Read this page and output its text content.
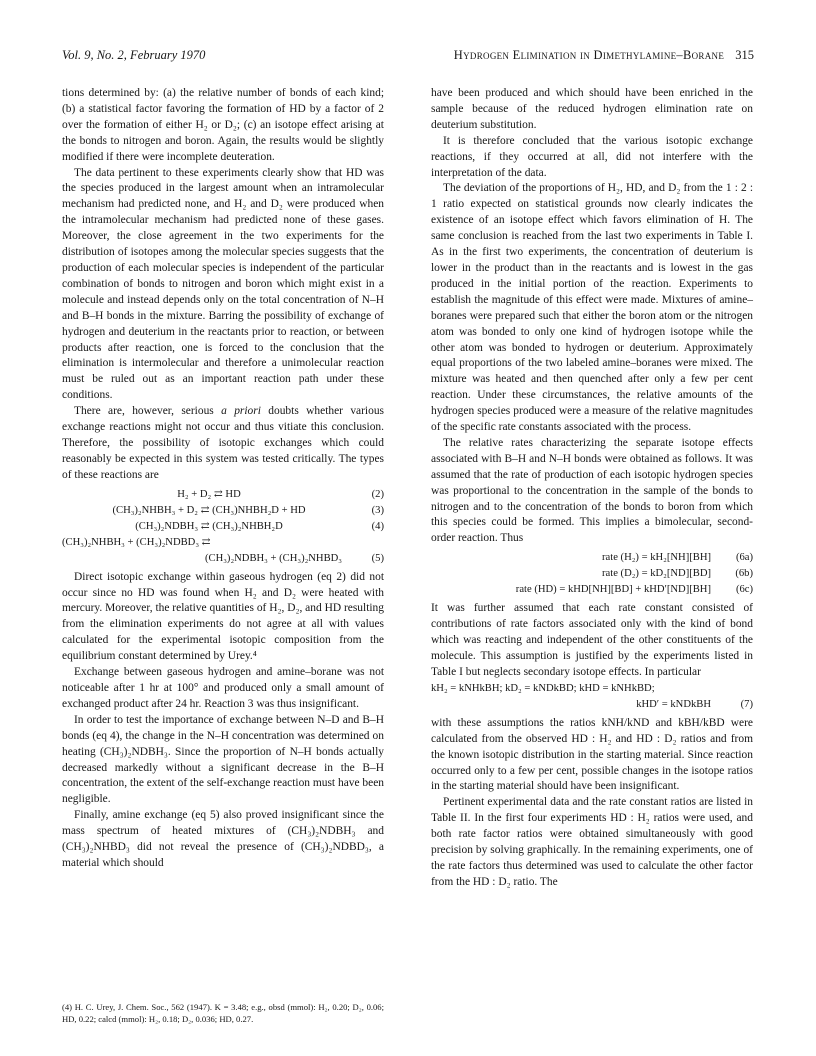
Vol. 9, No. 2, February 1970	Hydrogen Elimination in Dimethylamine–Borane 315

tions determined by: (a) the relative number of bonds of each kind; (b) a statistical factor favoring the formation of HD by a factor of 2 over the formation of either H₂ or D₂; (c) an isotope effect arising at the bonds to nitrogen and boron. Again, the results would be slightly modified if there were incomplete deuteration.

The data pertinent to these experiments clearly show that HD was the species produced in the largest amount when an intramolecular mechanism had predicted none, and H₂ and D₂ were produced when the intramolecular mechanism had predicted none of these gases. Moreover, the close agreement in the two experiments for the distribution of isotopes among the molecular species suggests that the production of each molecular species is independent of the particular combination of bonds to nitrogen and boron which might exist in a molecule and instead depends only on the total concentration of N–H and B–H bonds in the mixture. Barring the possibility of exchange of hydrogen and deuterium in the reactants prior to reaction, or between products after reaction, one is forced to the conclusion that the elimination is intermolecular and therefore a unimolecular reaction must be ruled out as an important reaction path under these conditions.

There are, however, serious a priori doubts whether various exchange reactions might not occur and thus vitiate this conclusion. Therefore, the possibility of isotopic exchanges which could reasonably be expected in this system was tested critically. The types of these reactions are

H₂ + D₂ ⇄ HD	(2)
(CH₃)₂NHBH₃ + D₂ ⇄ (CH₃)NHBH₂D + HD	(3)
(CH₃)₂NDBH₃ ⇄ (CH₃)₂NHBH₂D	(4)
(CH₃)₂NHBH₃ + (CH₃)₂NDBD₃ ⇄
(CH₃)₂NDBH₃ + (CH₃)₂NHBD₃	(5)

Direct isotopic exchange within gaseous hydrogen (eq 2) did not occur since no HD was found when H₂ and D₂ were heated with mercury. Moreover, the relative quantities of H₂, D₂, and HD resulting from the elimination experiments do not agree at all with values calculated for the experimental isotopic composition from the equilibrium constant determined by Urey.⁴

Exchange between gaseous hydrogen and amine–borane was not noticeable after 1 hr at 100° and produced only a small amount of exchanged product after 24 hr. Reaction 3 was thus insignificant.

In order to test the importance of exchange between N–D and B–H bonds (eq 4), the change in the N–H concentration was determined on heating (CH₃)₂NDBH₃. Since the proportion of N–H bonds actually decreased markedly without a significant decrease in the B–H concentration, the extent of the self-exchange reaction must have been negligible.

Finally, amine exchange (eq 5) also proved insignificant since the mass spectrum of heated mixtures of (CH₃)₂NDBH₃ and (CH₃)₂NHBD₃ did not reveal the presence of (CH₃)₂NDBD₃, a material which should

(4) H. C. Urey, J. Chem. Soc., 562 (1947). K = 3.48; e.g., obsd (mmol): H₂, 0.20; D₂, 0.06; HD, 0.22; calcd (mmol): H₂, 0.18; D₂, 0.036; HD, 0.27.

have been produced and which should have been enriched in the sample because of the reduced hydrogen elimination rate on deuterium substitution.

It is therefore concluded that the various isotopic exchange reactions, if they occurred at all, did not interfere with the interpretation of the data.

The deviation of the proportions of H₂, HD, and D₂ from the 1 : 2 : 1 ratio expected on statistical grounds now clearly indicates the existence of an isotope effect which favors elimination of H. The same conclusion is reached from the last two experiments in Table I. As in the first two experiments, the concentration of deuterium is lower in the product than in the reactants and is lowest in the gas produced in the initial portion of the reaction. Experiments to establish the magnitude of this effect were made. Mixtures of amine–boranes were prepared such that either the boron atom or the nitrogen atom was bonded to only one kind of hydrogen isotope while the other atom was bonded to hydrogen or deuterium. Approximately equal proportions of the two labeled amine–boranes were mixed. The mixture was heated and then quenched after only a few per cent reaction. Under these circumstances, the relative amounts of the hydrogen species produced were a measure of the relative magnitudes of the specific rate constants associated with the process.

The relative rates characterizing the separate isotope effects associated with B–H and N–H bonds were obtained as follows. It was assumed that the rate of production of each isotopic hydrogen species was proportional to the concentration in the sample of the bonds to nitrogen and to the concentration of the bonds to boron from which this species could be formed. This implies a bimolecular, second-order reaction. Thus

rate (H₂) = kH₂[NH][BH]	(6a)
rate (D₂) = kD₂[ND][BD]	(6b)
rate (HD) = kHD[NH][BD] + kHD′[ND][BH]	(6c)

It was further assumed that each rate constant consisted of contributions of rate factors associated only with the kind of bond which was reacting and independent of the other constituents of the molecule. This assumption is justified by the experiments listed in Table I but neglects secondary isotope effects. In particular

kH₂ = kNHkBH; kD₂ = kNDkBD; kHD = kNHkBD;
kHD′ = kNDkBH	(7)

with these assumptions the ratios kNH/kND and kBH/kBD were calculated from the observed HD : H₂ and HD : D₂ ratios and from the known isotopic distribution in the starting material. Since reaction occurred only to a few per cent, possible changes in the isotope ratios in the starting material should have been insignificant.

Pertinent experimental data and the rate constant ratios are listed in Table II. In the first four experiments HD : H₂ ratios were used, and both rate factor ratios were obtained simultaneously with good precision by solving graphically. In the remaining experiments, one of the rate factors thus determined was used to calculate the other factor from the HD : D₂ ratio. The
